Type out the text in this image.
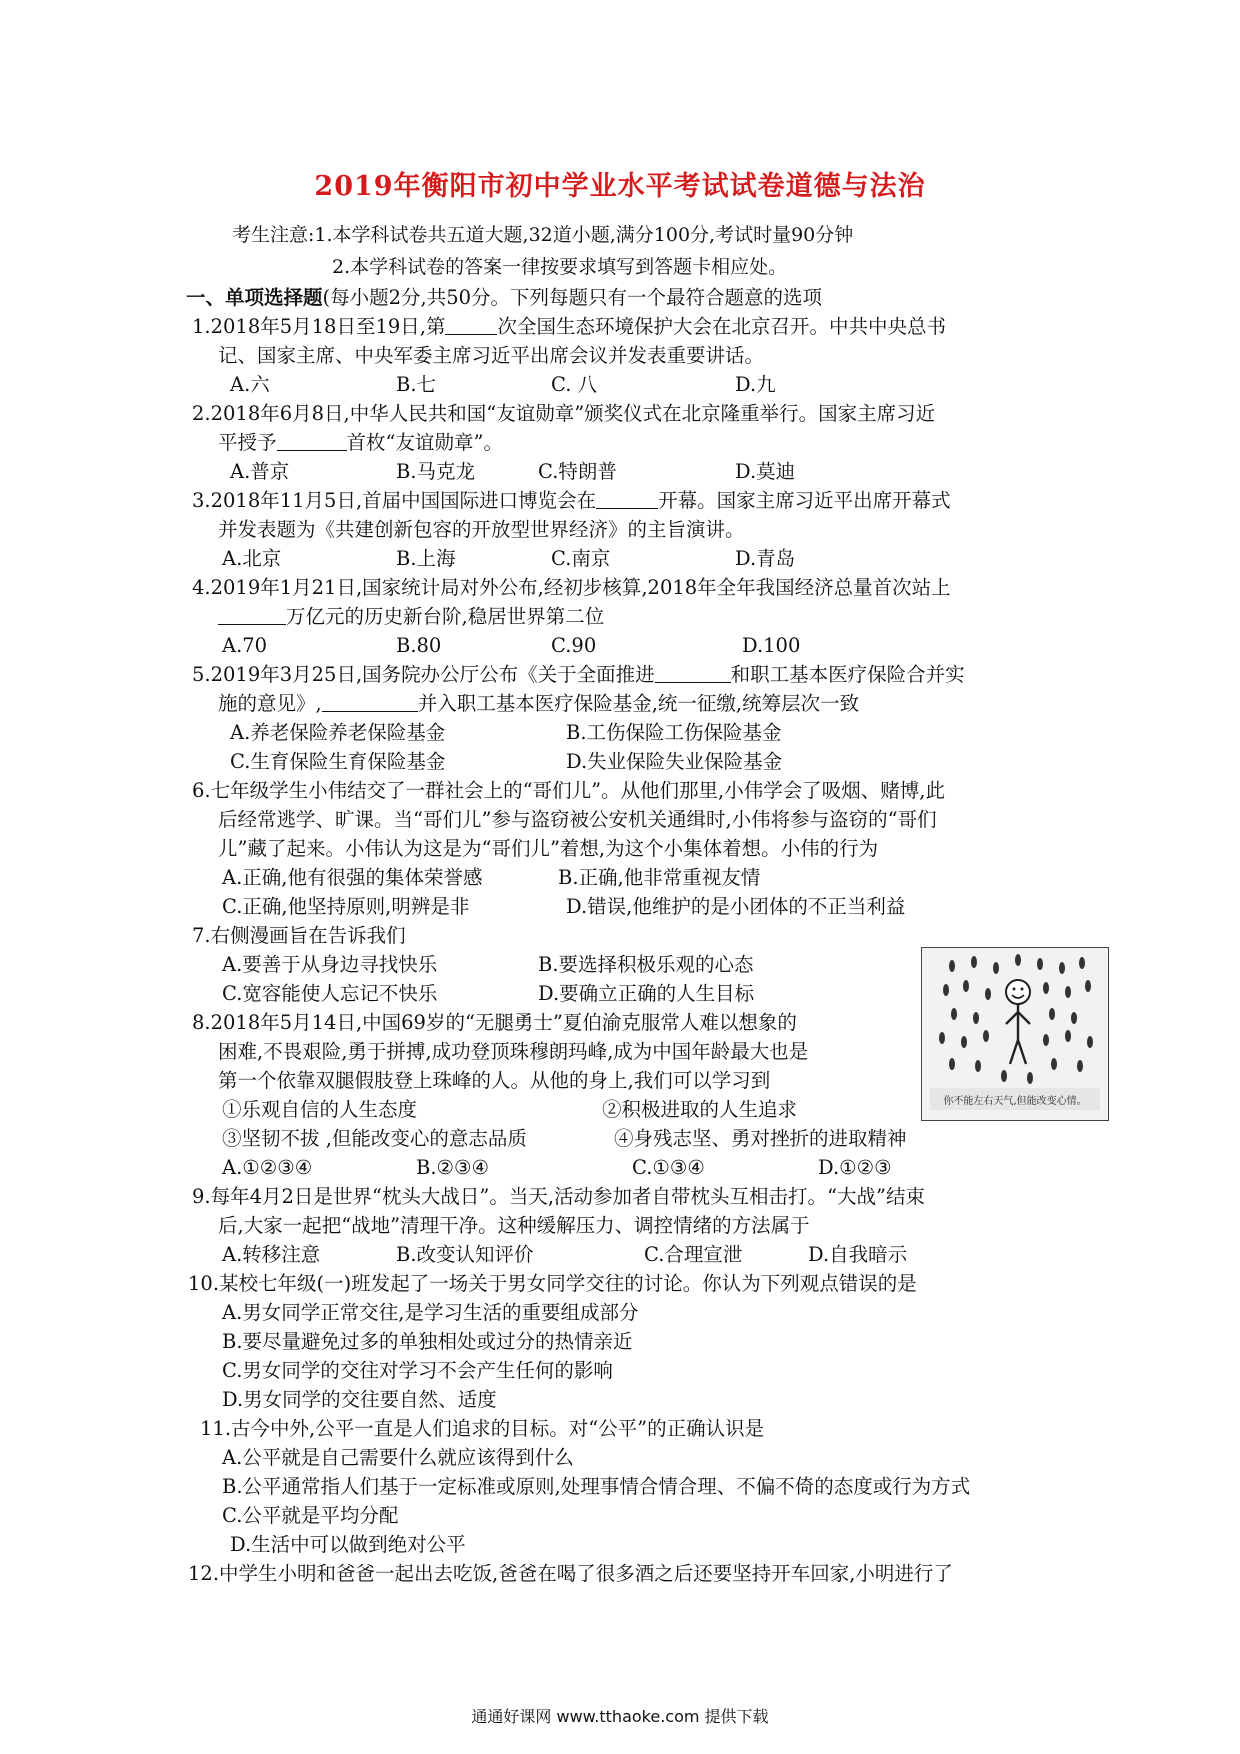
2019年衡阳市初中学业水平考试试卷道德与法治
考生注意:1.本学科试卷共五道大题,32道小题,满分100分,考试时量90分钟
2.本学科试卷的答案一律按要求填写到答题卡相应处。
一、单项选择题(每小题2分,共50分。下列每题只有一个最符合题意的选项
1.2018年5月18日至19日,第	次全国生态环境保护大会在北京召开。中共中央总书
记、国家主席、中央军委主席习近平出席会议并发表重要讲话。
A.六	B.七	C. 八	D.九
2.2018年6月8日,中华人民共和国“友谊勋章”颁奖仪式在北京隆重举行。国家主席习近
平授予	首枚“友谊勋章”。
A.普京	B.马克龙	C.特朗普	D.莫迪
3.2018年11月5日,首届中国国际进口博览会在	开幕。国家主席习近平出席开幕式
并发表题为《共建创新包容的开放型世界经济》的主旨演讲。
A.北京	B.上海	C.南京	D.青岛
4.2019年1月21日,国家统计局对外公布,经初步核算,2018年全年我国经济总量首次站上
万亿元的历史新台阶,稳居世界第二位
A.70	B.80	C.90	D.100
5.2019年3月25日,国务院办公厅公布《关于全面推进	和职工基本医疗保险合并实
施的意见》,	并入职工基本医疗保险基金,统一征缴,统筹层次一致
A.养老保险养老保险基金	B.工伤保险工伤保险基金
C.生育保险生育保险基金	D.失业保险失业保险基金
6.七年级学生小伟结交了一群社会上的“哥们儿”。从他们那里,小伟学会了吸烟、赌博,此
后经常逃学、旷课。当“哥们儿”参与盗窃被公安机关通缉时,小伟将参与盗窃的“哥们
儿”藏了起来。小伟认为这是为“哥们儿”着想,为这个小集体着想。小伟的行为
A.正确,他有很强的集体荣誉感	B.正确,他非常重视友情
C.正确,他坚持原则,明辨是非	D.错误,他维护的是小团体的不正当利益
7.右侧漫画旨在告诉我们
A.要善于从身边寻找快乐	B.要选择积极乐观的心态
C.宽容能使人忘记不快乐	D.要确立正确的人生目标
你不能左右天气,但能改变心情。
8.2018年5月14日,中国69岁的“无腿勇士”夏伯渝克服常人难以想象的
困难,不畏艰险,勇于拼搏,成功登顶珠穆朗玛峰,成为中国年龄最大也是
第一个依靠双腿假肢登上珠峰的人。从他的身上,我们可以学习到
①乐观自信的人生态度	②积极进取的人生追求
③坚韧不拔 ,但能改变心的意志品质	④身残志坚、勇对挫折的进取精神
A.①②③④	B.②③④	C.①③④	D.①②③
9.每年4月2日是世界“枕头大战日”。当天,活动参加者自带枕头互相击打。“大战”结束
后,大家一起把“战地”清理干净。这种缓解压力、调控情绪的方法属于
A.转移注意	B.改变认知评价	C.合理宣泄	D.自我暗示
10.某校七年级(一)班发起了一场关于男女同学交往的讨论。你认为下列观点错误的是
A.男女同学正常交往,是学习生活的重要组成部分
B.要尽量避免过多的单独相处或过分的热情亲近
C.男女同学的交往对学习不会产生任何的影响
D.男女同学的交往要自然、适度
11.古今中外,公平一直是人们追求的目标。对“公平”的正确认识是
A.公平就是自己需要什么就应该得到什么
B.公平通常指人们基于一定标准或原则,处理事情合情合理、不偏不倚的态度或行为方式
C.公平就是平均分配
D.生活中可以做到绝对公平
12.中学生小明和爸爸一起出去吃饭,爸爸在喝了很多酒之后还要坚持开车回家,小明进行了
通通好课网 www.tthaoke.com 提供下载
